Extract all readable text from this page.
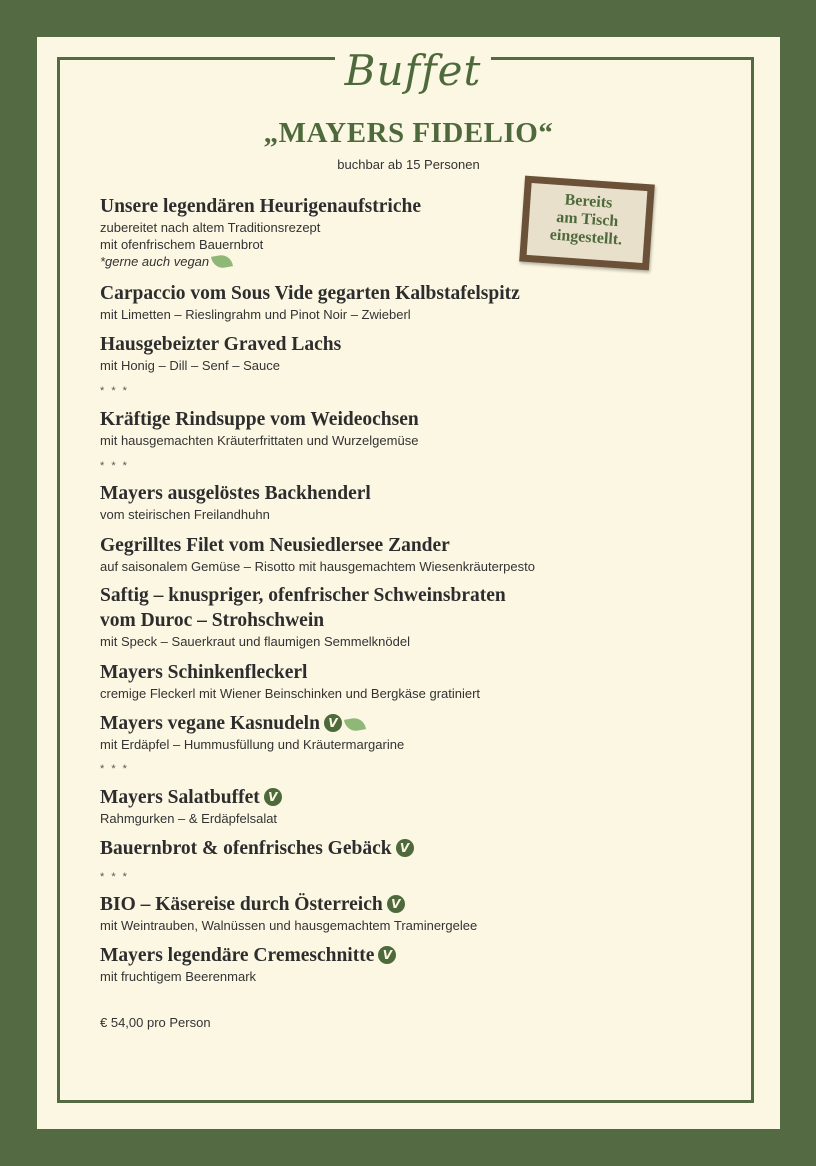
Buffet
„MAYERS FIDELIO“
buchbar ab 15 Personen
Bereits
am Tisch
eingestellt.
Unsere legendären Heurigenaufstriche
zubereitet nach altem Traditionsrezept
mit ofenfrischem Bauernbrot
*gerne auch vegan
Carpaccio vom Sous Vide gegarten Kalbstafelspitz
mit Limetten – Rieslingrahm und Pinot Noir – Zwieberl
Hausgebeizter Graved Lachs
mit Honig – Dill – Senf – Sauce
* * *
Kräftige Rindsuppe vom Weideochsen
mit hausgemachten Kräuterfrittaten und Wurzelgemüse
* * *
Mayers ausgelöstes Backhenderl
vom steirischen Freilandhuhn
Gegrilltes Filet vom Neusiedlersee Zander
auf saisonalem Gemüse – Risotto mit hausgemachtem Wiesenkräuterpesto
Saftig – knuspriger, ofenfrischer Schweinsbraten
vom Duroc – Strohschwein
mit Speck – Sauerkraut und flaumigen Semmelknödel
Mayers Schinkenfleckerl
cremige Fleckerl mit Wiener Beinschinken und Bergkäse gratiniert
Mayers vegane Kasnudeln V
mit Erdäpfel – Hummusfüllung und Kräutermargarine
* * *
Mayers Salatbuffet V
Rahmgurken – & Erdäpfelsalat
Bauernbrot & ofenfrisches Gebäck V
* * *
BIO – Käsereise durch Österreich V
mit Weintrauben, Walnüssen und hausgemachtem Traminergelee
Mayers legendäre Cremeschnitte V
mit fruchtigem Beerenmark
€ 54,00 pro Person
